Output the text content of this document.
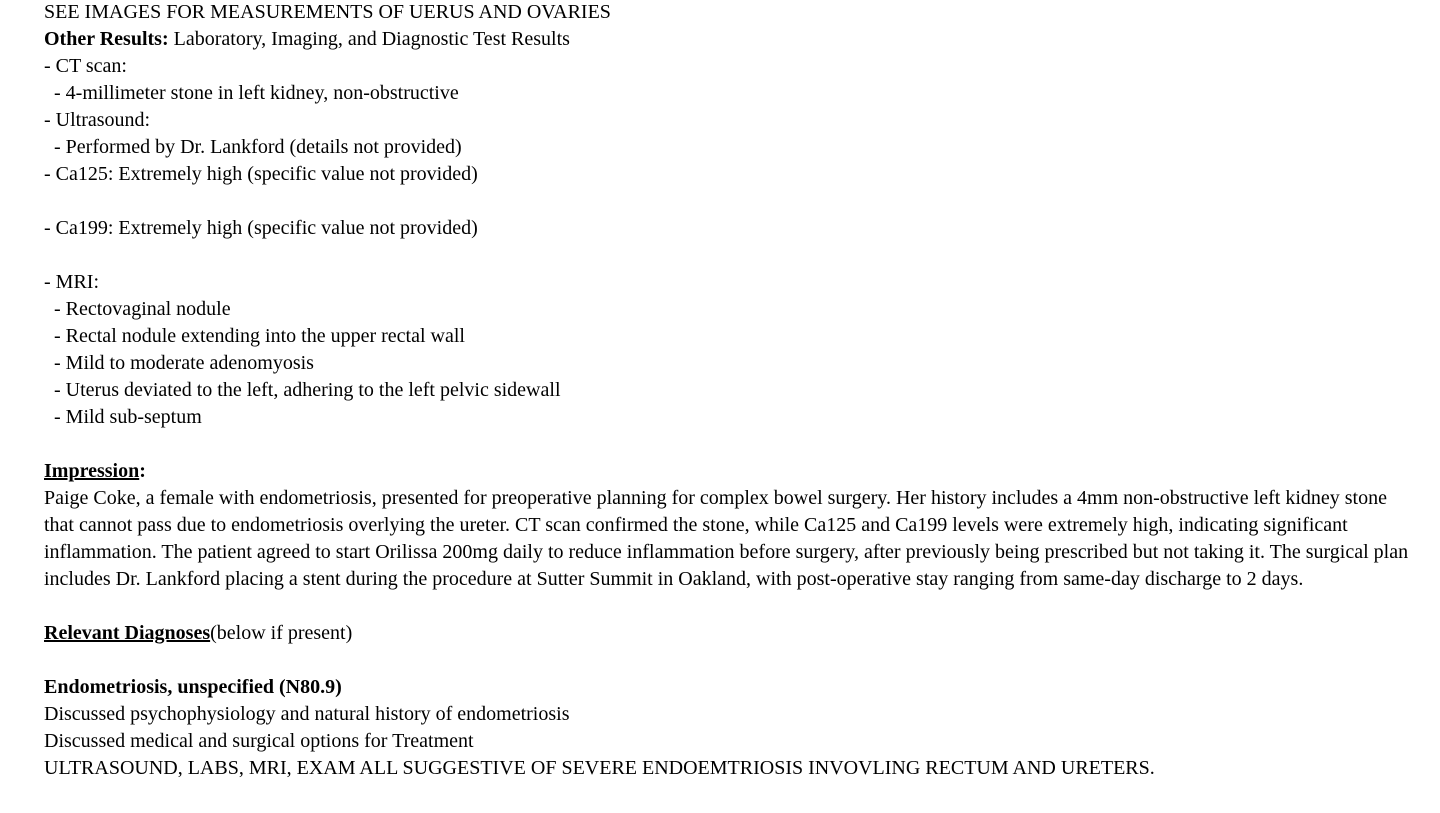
SEE IMAGES FOR MEASUREMENTS OF UERUS AND OVARIES
Other Results: Laboratory, Imaging, and Diagnostic Test Results
- CT scan:
- 4-millimeter stone in left kidney, non-obstructive
- Ultrasound:
- Performed by Dr. Lankford (details not provided)
- Ca125: Extremely high (specific value not provided)
- Ca199: Extremely high (specific value not provided)
- MRI:
- Rectovaginal nodule
- Rectal nodule extending into the upper rectal wall
- Mild to moderate adenomyosis
- Uterus deviated to the left, adhering to the left pelvic sidewall
- Mild sub-septum
Impression:
Paige Coke, a female with endometriosis, presented for preoperative planning for complex bowel surgery. Her history includes a 4mm non-obstructive left kidney stone that cannot pass due to endometriosis overlying the ureter. CT scan confirmed the stone, while Ca125 and Ca199 levels were extremely high, indicating significant inflammation. The patient agreed to start Orilissa 200mg daily to reduce inflammation before surgery, after previously being prescribed but not taking it. The surgical plan includes Dr. Lankford placing a stent during the procedure at Sutter Summit in Oakland, with post-operative stay ranging from same-day discharge to 2 days.
Relevant Diagnoses(below if present)
Endometriosis, unspecified (N80.9)
Discussed psychophysiology and natural history of endometriosis
Discussed medical and surgical options for Treatment
ULTRASOUND, LABS, MRI, EXAM ALL SUGGESTIVE OF SEVERE ENDOEMTRIOSIS INVOVLING RECTUM AND URETERS.
